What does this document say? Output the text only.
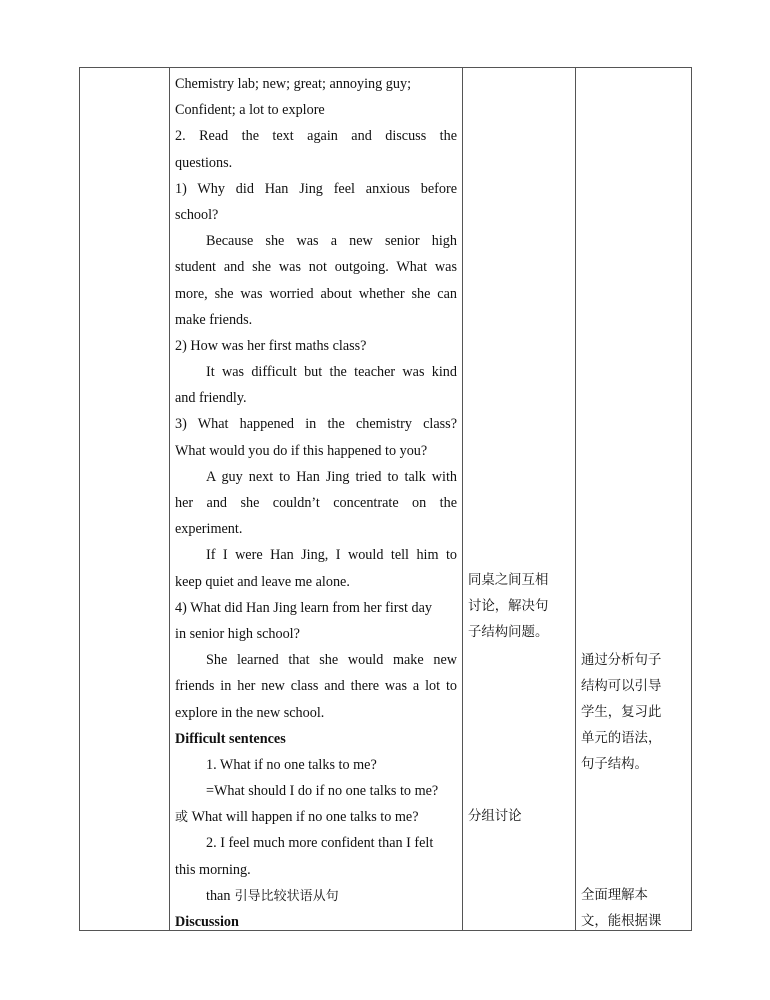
Chemistry lab; new; great; annoying guy;
Confident; a lot to explore
2. Read the text again and discuss the
questions.
1) Why did Han Jing feel anxious before
school?
Because she was a new senior high
student and she was not outgoing. What was
more, she was worried about whether she can
make friends.
2) How was her first maths class?
It was difficult but the teacher was kind
and friendly.
3) What happened in the chemistry class?
What would you do if this happened to you?
A guy next to Han Jing tried to talk with
her and she couldn’t concentrate on the
experiment.
If I were Han Jing, I would tell him to
keep quiet and leave me alone.
4) What did Han Jing learn from her first day
in senior high school?
She learned that she would make new
friends in her new class and there was a lot to
explore in the new school.
Difficult sentences
1. What if no one talks to me?
=What should I do if no one talks to me?
或 What will happen if no one talks to me?
2. I feel much more confident than I felt
this morning.
than 引导比较状语从句
Discussion
同桌之间互相
讨论，解决句
子结构问题。
分组讨论
通过分析句子
结构可以引导
学生，复习此
单元的语法，
句子结构。
全面理解本
文，能根据课
